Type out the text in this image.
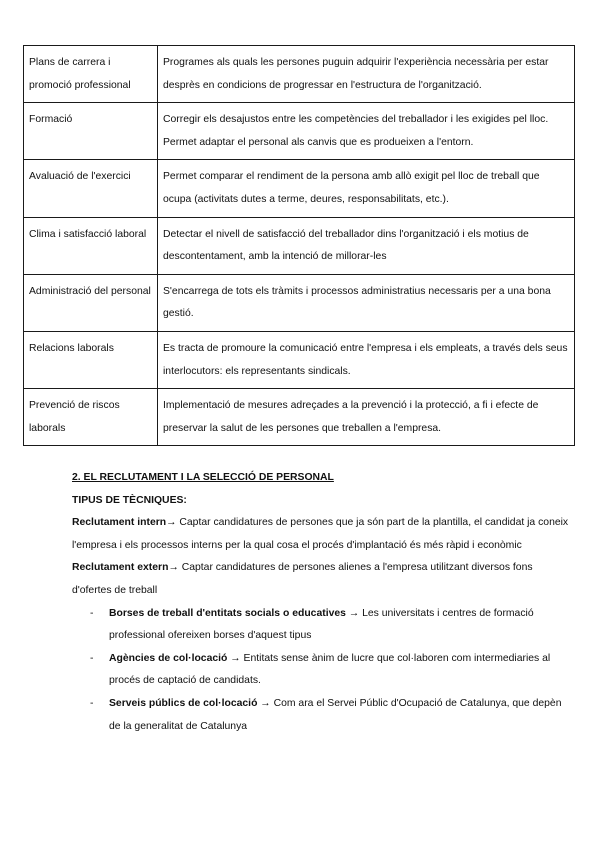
Plans de carrera i promoció professional	Programes als quals les persones puguin adquirir l'experiència necessària per estar desprès en condicions de progressar en l'estructura de l'organització.
Formació	Corregir els desajustos entre les competències del treballador i les exigides pel lloc. Permet adaptar el personal als canvis que es produeixen a l'entorn.
Avaluació de l'exercici	Permet comparar el rendiment de la persona amb allò exigit pel lloc de treball que ocupa (activitats dutes a terme, deures, responsabilitats, etc.).
Clima i satisfacció laboral	Detectar el nivell de satisfacció del treballador dins l'organització i els motius de descontentament, amb la intenció de millorar-les
Administració del personal	S'encarrega de tots els tràmits i processos administratius necessaris per a una bona gestió.
Relacions laborals	Es tracta de promoure la comunicació entre l'empresa i els empleats, a través dels seus interlocutors: els representants sindicals.
Prevenció de riscos laborals	Implementació de mesures adreçades a la prevenció i la protecció, a fi i efecte de preservar la salut de les persones que treballen a l'empresa.
2. EL RECLUTAMENT I LA SELECCIÓ DE PERSONAL
TIPUS DE TÈCNIQUES:
Reclutament intern→ Captar candidatures de persones que ja són part de la plantilla, el candidat ja coneix l'empresa i els processos interns per la qual cosa el procés d'implantació és més ràpid i econòmic
Reclutament extern→ Captar candidatures de persones alienes a l'empresa utilitzant diversos fons d'ofertes de treball
- Borses de treball d'entitats socials o educatives → Les universitats i centres de formació professional ofereixen borses d'aquest tipus
- Agències de col·locació → Entitats sense ànim de lucre que col·laboren com intermediaries al procés de captació de candidats.
- Serveis públics de col·locació → Com ara el Servei Públic d'Ocupació de Catalunya, que depèn de la generalitat de Catalunya
